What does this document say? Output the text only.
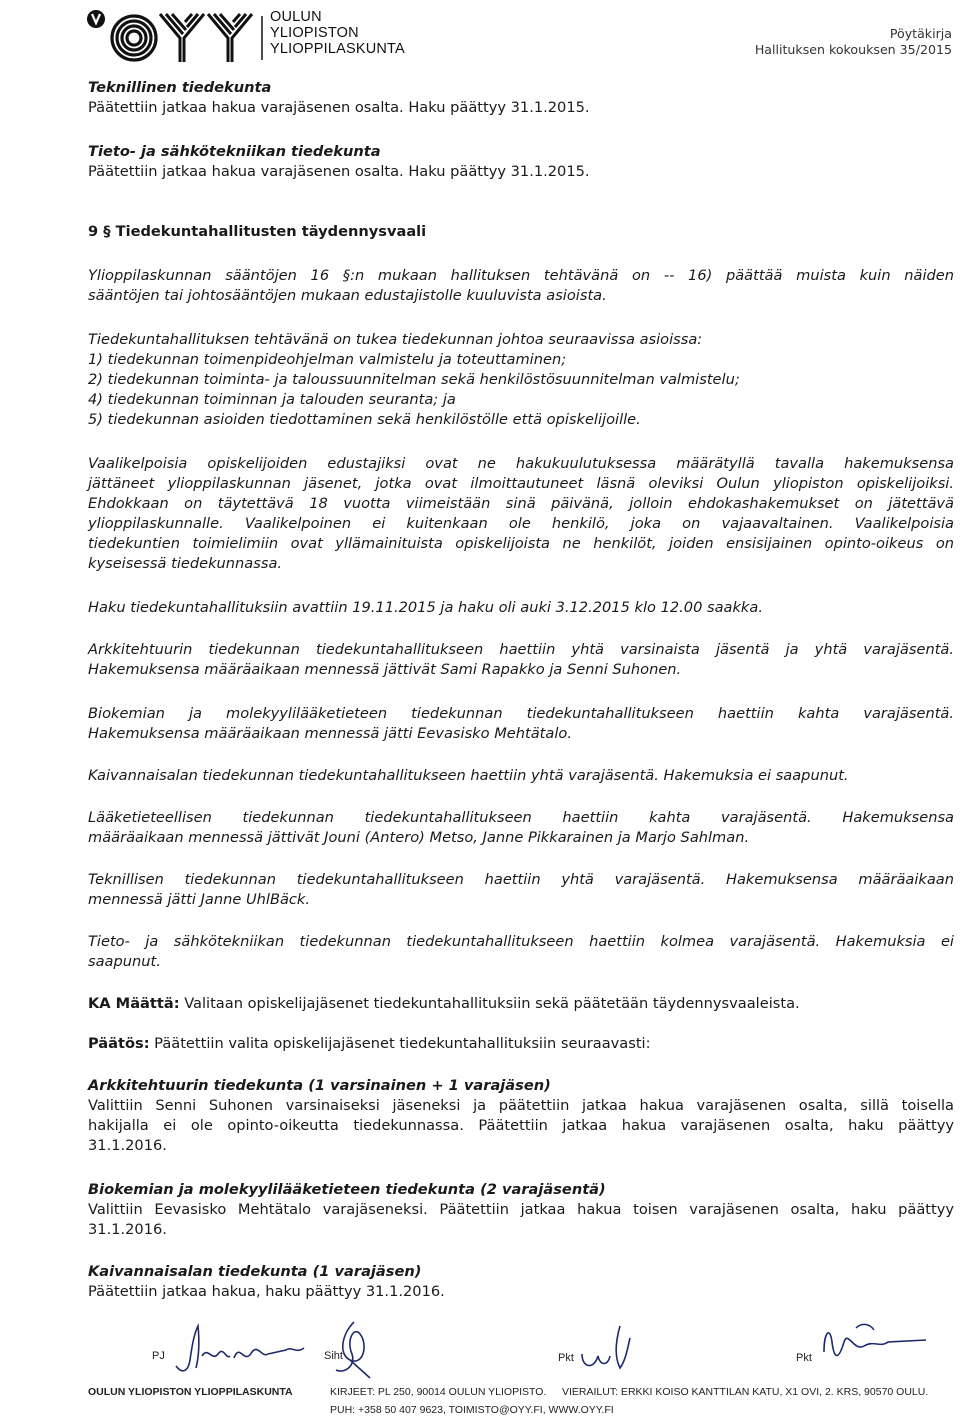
OULUN
YLIOPISTON
YLIOPPILASKUNTA
Pöytäkirja
Hallituksen kokouksen 35/2015
Teknillinen tiedekunta
Päätettiin jatkaa hakua varajäsenen osalta. Haku päättyy 31.1.2015.
Tieto- ja sähkötekniikan tiedekunta
Päätettiin jatkaa hakua varajäsenen osalta. Haku päättyy 31.1.2015.
9 § Tiedekuntahallitusten täydennysvaali
Ylioppilaskunnan sääntöjen 16 §:n mukaan hallituksen tehtävänä on -- 16) päättää muista kuin näiden
sääntöjen tai johtosääntöjen mukaan edustajistolle kuuluvista asioista.
Tiedekuntahallituksen tehtävänä on tukea tiedekunnan johtoa seuraavissa asioissa:
1) tiedekunnan toimenpideohjelman valmistelu ja toteuttaminen;
2) tiedekunnan toiminta- ja taloussuunnitelman sekä henkilöstösuunnitelman valmistelu;
4) tiedekunnan toiminnan ja talouden seuranta; ja
5) tiedekunnan asioiden tiedottaminen sekä henkilöstölle että opiskelijoille.
Vaalikelpoisia opiskelijoiden edustajiksi ovat ne hakukuulutuksessa määrätyllä tavalla hakemuksensa
jättäneet ylioppilaskunnan jäsenet, jotka ovat ilmoittautuneet läsnä oleviksi Oulun yliopiston opiskelijoiksi.
Ehdokkaan on täytettävä 18 vuotta viimeistään sinä päivänä, jolloin ehdokashakemukset on jätettävä
ylioppilaskunnalle. Vaalikelpoinen ei kuitenkaan ole henkilö, joka on vajaavaltainen. Vaalikelpoisia
tiedekuntien toimielimiin ovat yllämainituista opiskelijoista ne henkilöt, joiden ensisijainen opinto-oikeus on
kyseisessä tiedekunnassa.
Haku tiedekuntahallituksiin avattiin 19.11.2015 ja haku oli auki 3.12.2015 klo 12.00 saakka.
Arkkitehtuurin tiedekunnan tiedekuntahallitukseen haettiin yhtä varsinaista jäsentä ja yhtä varajäsentä.
Hakemuksensa määräaikaan mennessä jättivät Sami Rapakko ja Senni Suhonen.
Biokemian ja molekyylilääketieteen tiedekunnan tiedekuntahallitukseen haettiin kahta varajäsentä.
Hakemuksensa määräaikaan mennessä jätti Eevasisko Mehtätalo.
Kaivannaisalan tiedekunnan tiedekuntahallitukseen haettiin yhtä varajäsentä. Hakemuksia ei saapunut.
Lääketieteellisen tiedekunnan tiedekuntahallitukseen haettiin kahta varajäsentä. Hakemuksensa
määräaikaan mennessä jättivät Jouni (Antero) Metso, Janne Pikkarainen ja Marjo Sahlman.
Teknillisen tiedekunnan tiedekuntahallitukseen haettiin yhtä varajäsentä. Hakemuksensa määräaikaan
mennessä jätti Janne UhlBäck.
Tieto- ja sähkötekniikan tiedekunnan tiedekuntahallitukseen haettiin kolmea varajäsentä. Hakemuksia ei
saapunut.
KA Määttä: Valitaan opiskelijajäsenet tiedekuntahallituksiin sekä päätetään täydennysvaaleista.
Päätös: Päätettiin valita opiskelijajäsenet tiedekuntahallituksiin seuraavasti:
Arkkitehtuurin tiedekunta (1 varsinainen + 1 varajäsen)
Valittiin Senni Suhonen varsinaiseksi jäseneksi ja päätettiin jatkaa hakua varajäsenen osalta, sillä toisella
hakijalla ei ole opinto-oikeutta tiedekunnassa. Päätettiin jatkaa hakua varajäsenen osalta, haku päättyy
31.1.2016.
Biokemian ja molekyylilääketieteen tiedekunta (2 varajäsentä)
Valittiin Eevasisko Mehtätalo varajäseneksi. Päätettiin jatkaa hakua toisen varajäsenen osalta, haku päättyy
31.1.2016.
Kaivannaisalan tiedekunta (1 varajäsen)
Päätettiin jatkaa hakua, haku päättyy 31.1.2016.
PJ	Siht	Pkt	Pkt
OULUN YLIOPISTON YLIOPPILASKUNTA	KIRJEET: PL 250, 90014 OULUN YLIOPISTO. VIERAILUT: ERKKI KOISO KANTTILAN KATU, X1 OVI, 2. KRS, 90570 OULU.
PUH: +358 50 407 9623, TOIMISTO@OYY.FI, WWW.OYY.FI
